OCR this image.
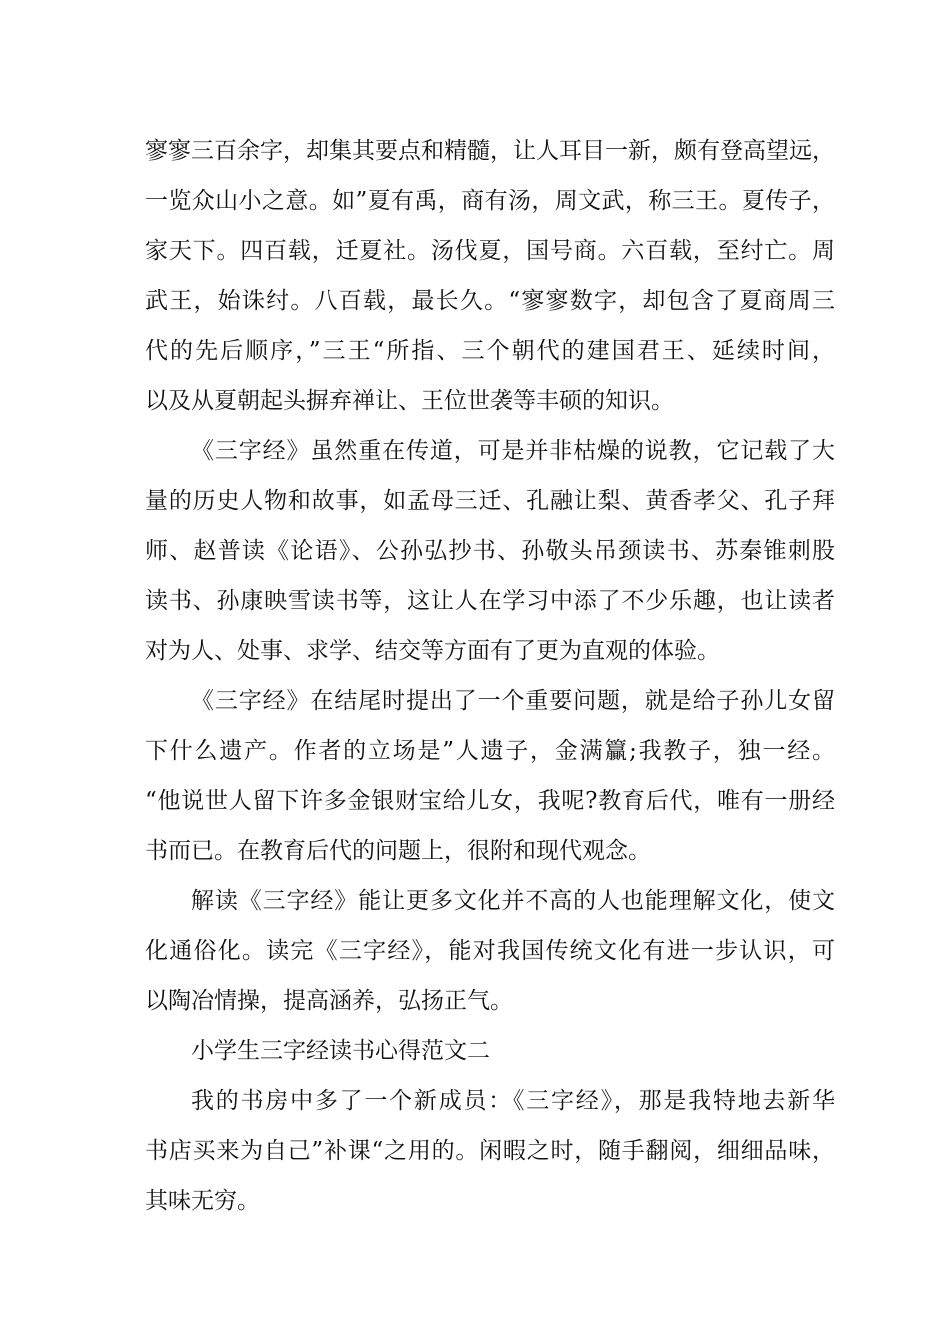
寥寥三百余字，却集其要点和精髓，让人耳目一新，颇有登高望远，
一览众山小之意。如”夏有禹，商有汤，周文武，称三王。夏传子，
家天下。四百载，迁夏社。汤伐夏，国号商。六百载，至纣亡。周
武王，始诛纣。八百载，最长久。“寥寥数字，却包含了夏商周三
代的先后顺序，”三王“所指、三个朝代的建国君王、延续时间，
以及从夏朝起头摒弃禅让、王位世袭等丰硕的知识。
《三字经》虽然重在传道，可是并非枯燥的说教，它记载了大
量的历史人物和故事，如孟母三迁、孔融让梨、黄香孝父、孔子拜
师、赵普读《论语》、公孙弘抄书、孙敬头吊颈读书、苏秦锥刺股
读书、孙康映雪读书等，这让人在学习中添了不少乐趣，也让读者
对为人、处事、求学、结交等方面有了更为直观的体验。
《三字经》在结尾时提出了一个重要问题，就是给子孙儿女留
下什么遗产。作者的立场是”人遗子，金满籯;我教子，独一经。
“他说世人留下许多金银财宝给儿女，我呢?教育后代，唯有一册经
书而已。在教育后代的问题上，很附和现代观念。
解读《三字经》能让更多文化并不高的人也能理解文化，使文
化通俗化。读完《三字经》，能对我国传统文化有进一步认识，可
以陶冶情操，提高涵养，弘扬正气。
小学生三字经读书心得范文二
我的书房中多了一个新成员：《三字经》，那是我特地去新华
书店买来为自己”补课“之用的。闲暇之时，随手翻阅，细细品味，
其味无穷。
